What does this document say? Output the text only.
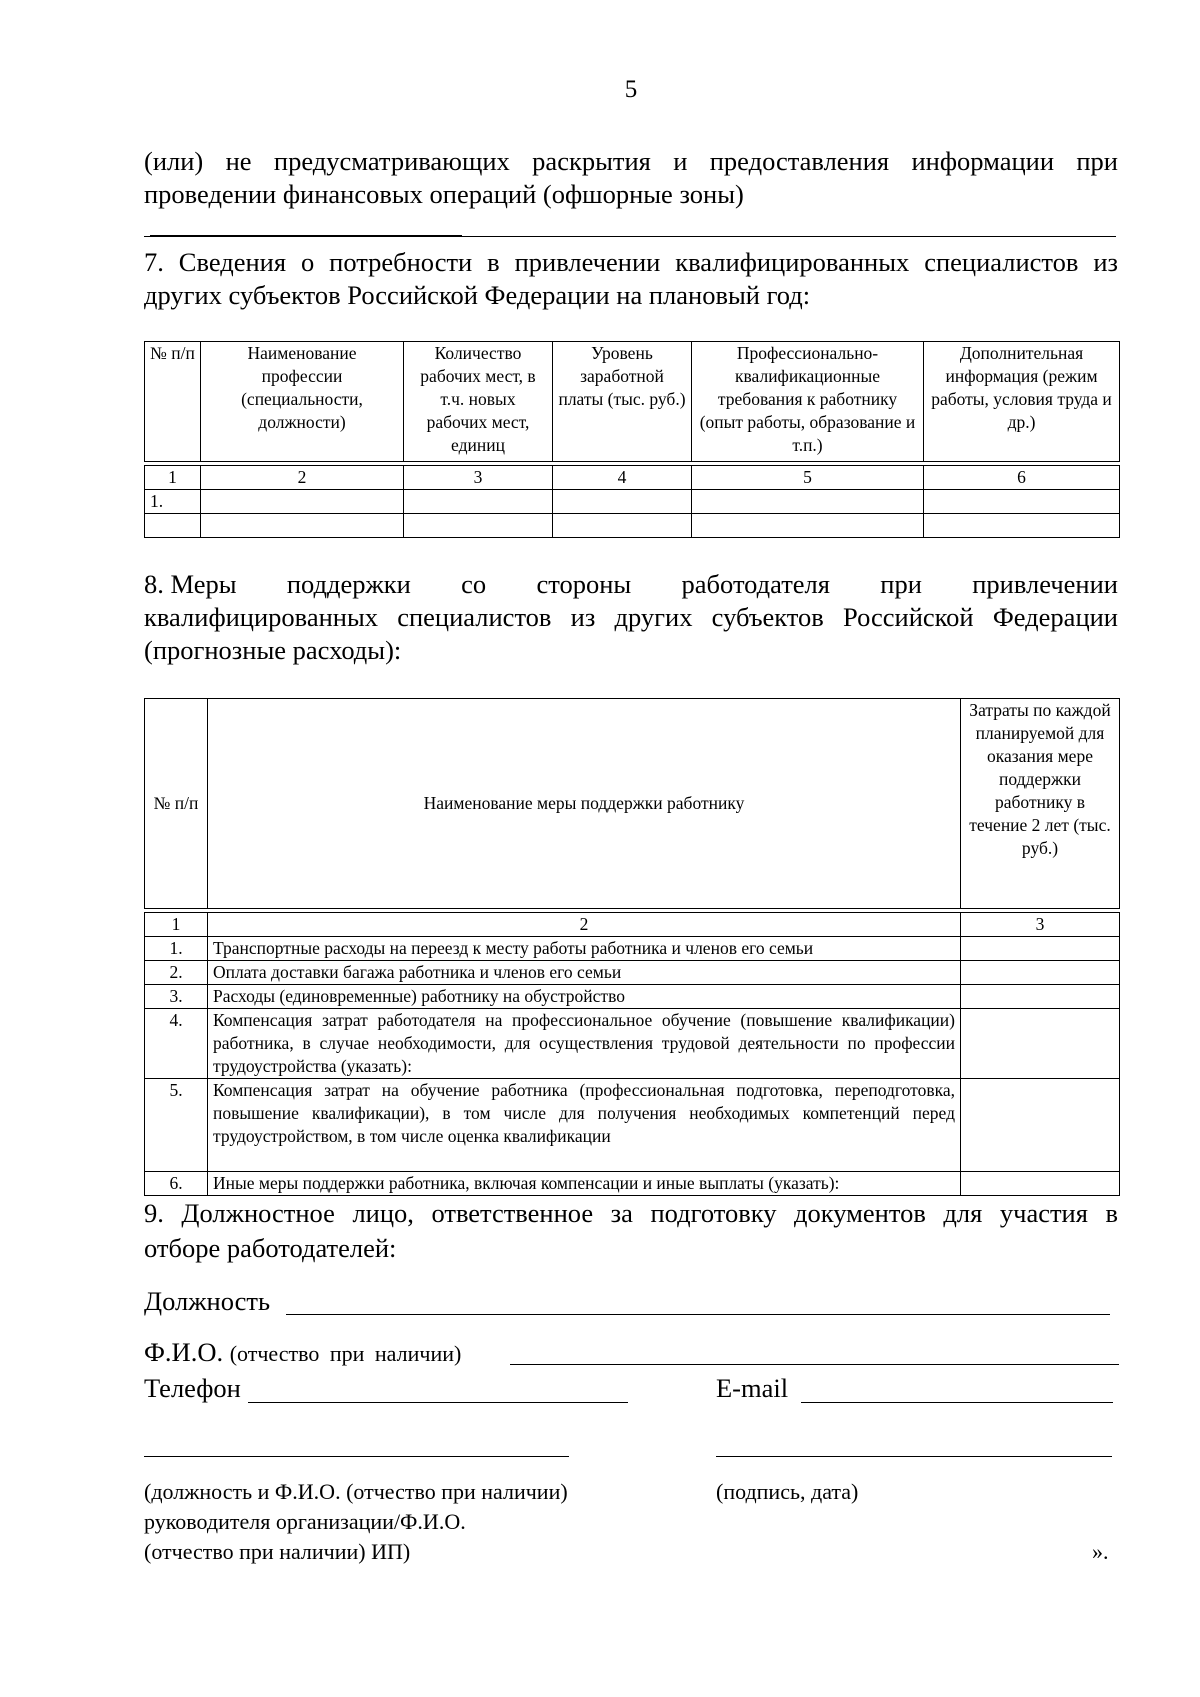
5
(или) не предусматривающих раскрытия и предоставления информации при
проведении финансовых операций (офшорные зоны)
7. Сведения о потребности в привлечении квалифицированных специалистов из
других субъектов Российской Федерации на плановый год:
№ п/п	Наименование профессии (специальности, должности)	Количество рабочих мест, в т.ч. новых рабочих мест, единиц	Уровень заработной платы (тыс. руб.)	Профессионально-квалификационные требования к работнику (опыт работы, образование и т.п.)	Дополнительная информация (режим работы, условия труда и др.)

1	2	3	4	5	6
1.					

8. Меры поддержки со стороны работодателя при привлечении
квалифицированных специалистов из других субъектов Российской Федерации
(прогнозные расходы):
№ п/п	Наименование меры поддержки работнику	Затраты по каждой планируемой для оказания мере поддержки работнику в течение 2 лет (тыс. руб.)

1	2	3
1.	Транспортные расходы на переезд к месту работы работника и членов его семьи	
2.	Оплата доставки багажа работника и членов его семьи	
3.	Расходы (единовременные) работнику на обустройство	
4.	Компенсация затрат работодателя на профессиональное обучение (повышение квалификации) работника, в случае необходимости, для осуществления трудовой деятельности по профессии трудоустройства (указать):	
5.	Компенсация затрат на обучение работника (профессиональная подготовка, переподготовка, повышение квалификации), в том числе для получения необходимых компетенций перед трудоустройством, в том числе оценка квалификации	
6.	Иные меры поддержки работника, включая компенсации и иные выплаты (указать):	
9. Должностное лицо, ответственное за подготовку документов для участия в
отборе работодателей:
Должность
Ф.И.О. (отчество при наличии)
Телефон	E-mail
(должность и Ф.И.О. (отчество при наличии)
руководителя организации/Ф.И.О.
(отчество при наличии) ИП)
(подпись, дата)
».
